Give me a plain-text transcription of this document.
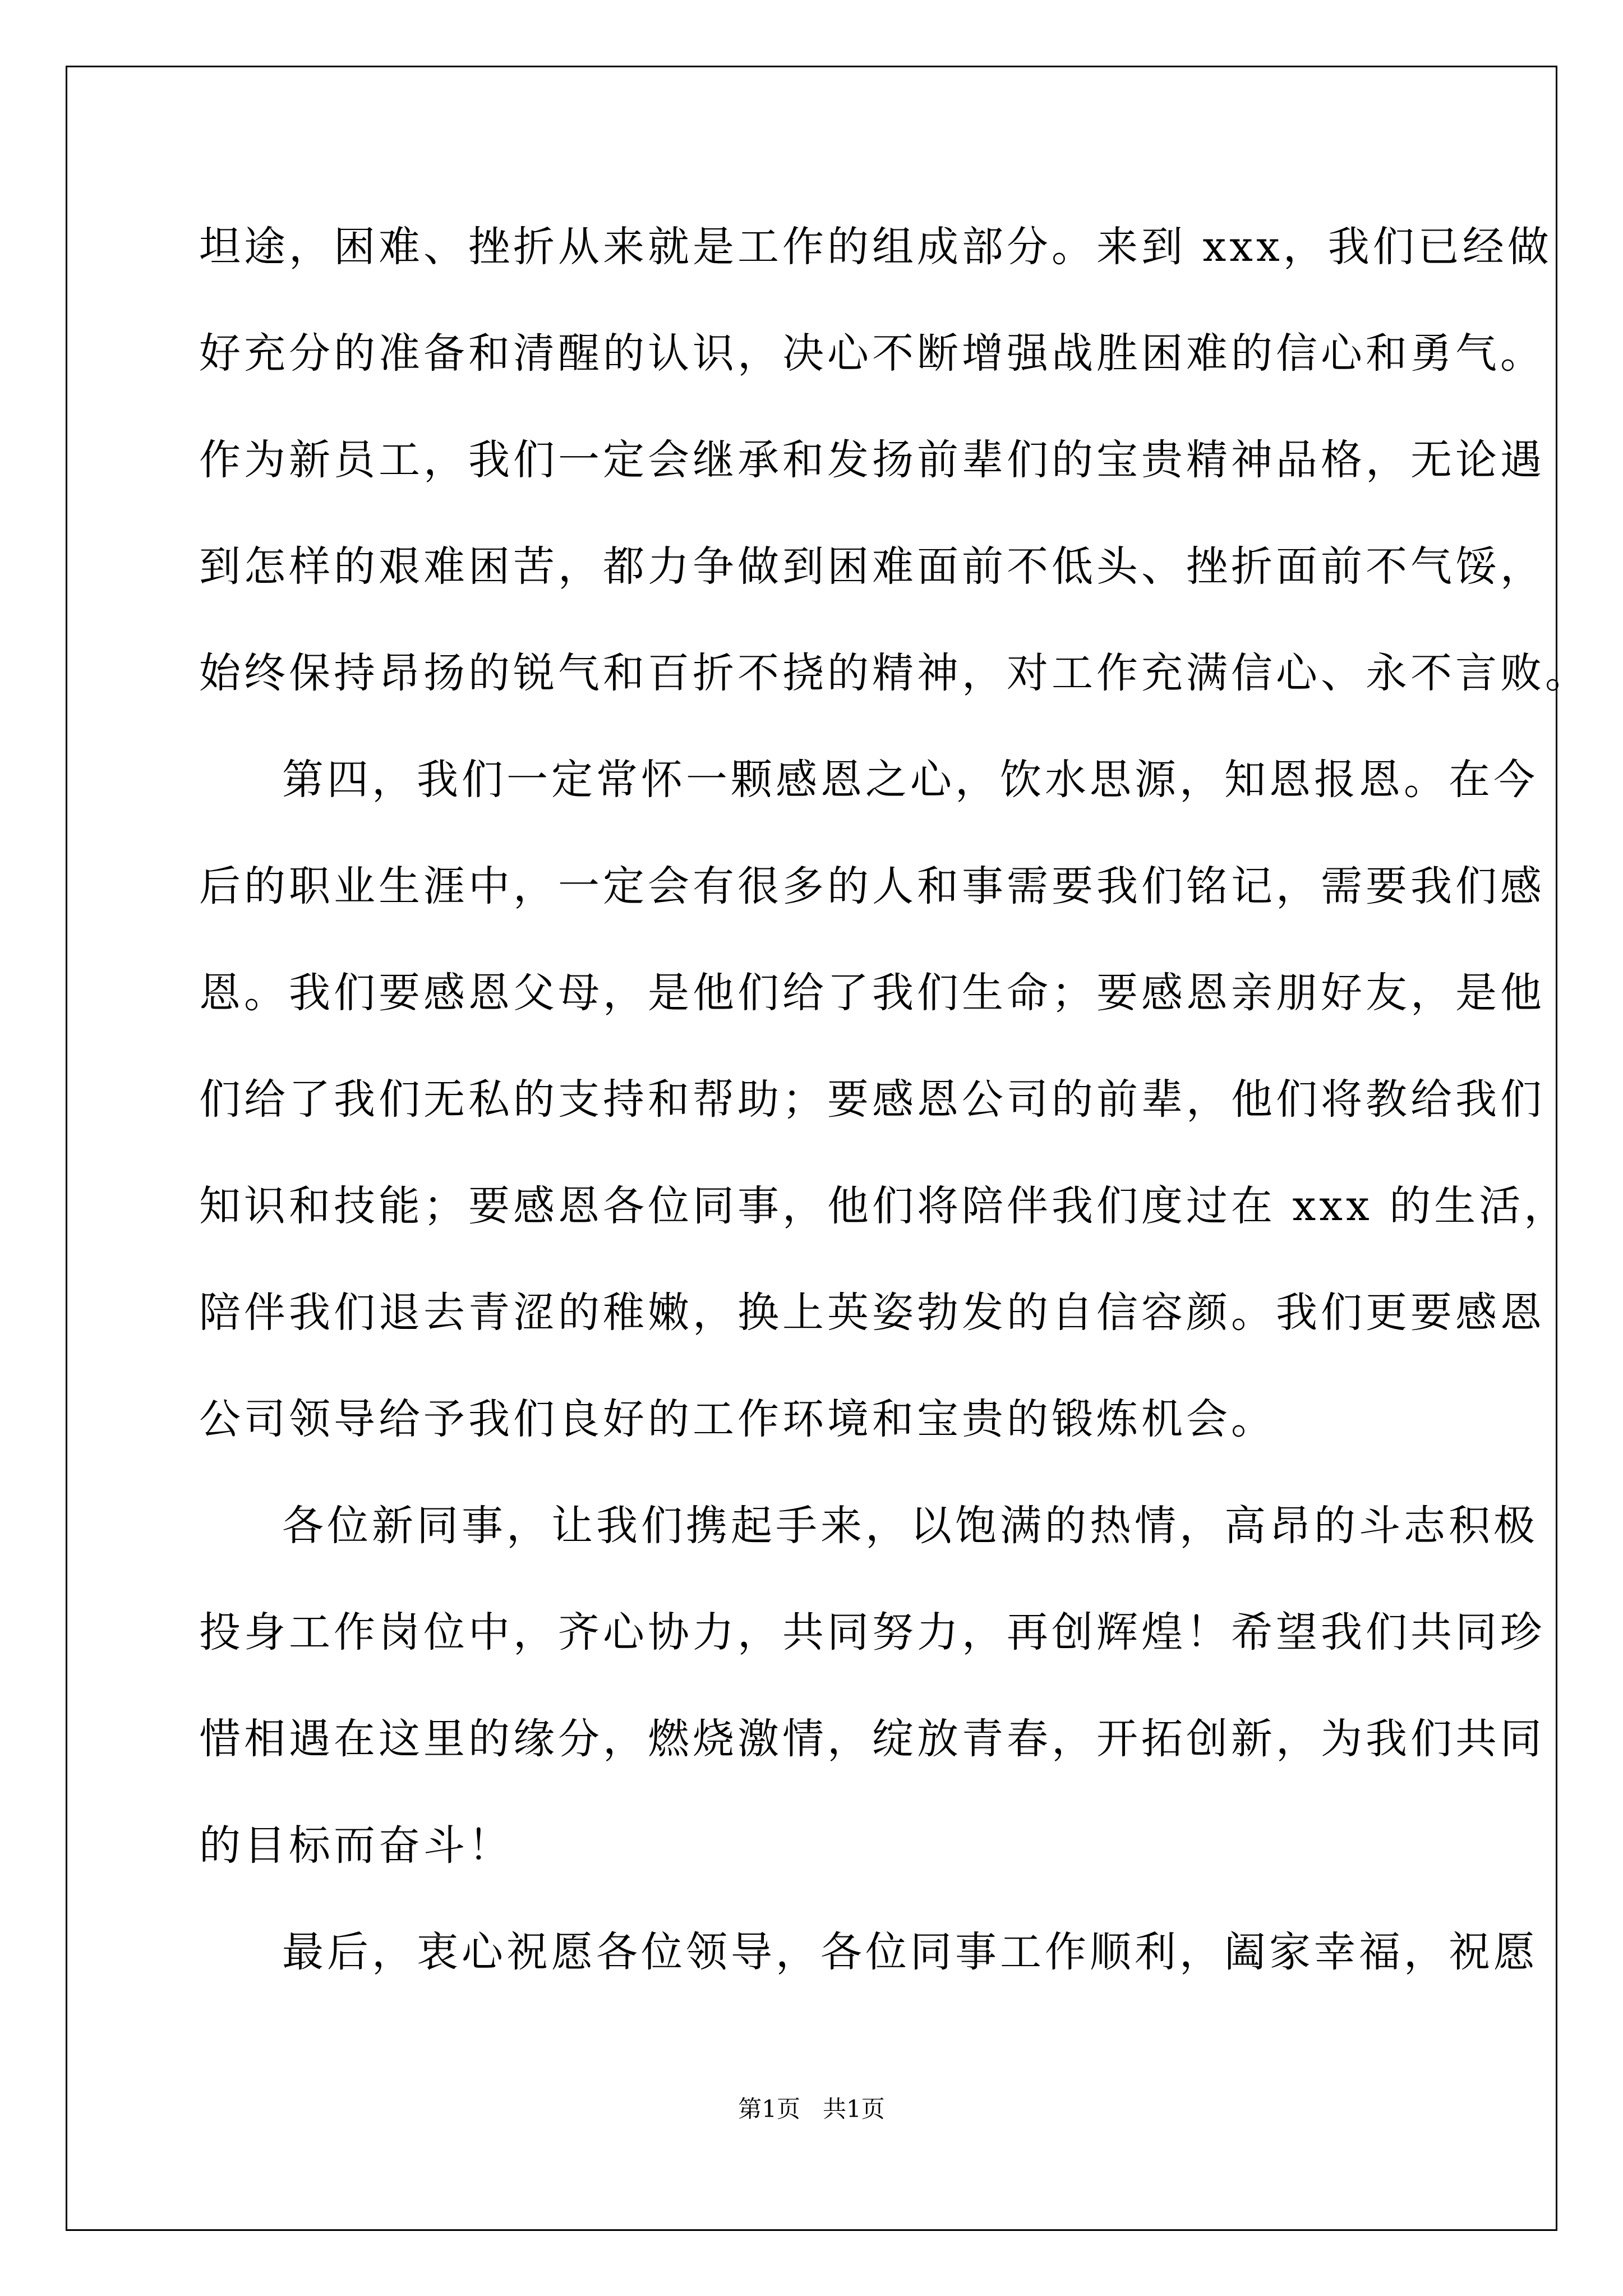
坦途，困难、挫折从来就是工作的组成部分。来到 xxx，我们已经做
好充分的准备和清醒的认识，决心不断增强战胜困难的信心和勇气。
作为新员工，我们一定会继承和发扬前辈们的宝贵精神品格，无论遇
到怎样的艰难困苦，都力争做到困难面前不低头、挫折面前不气馁，
始终保持昂扬的锐气和百折不挠的精神，对工作充满信心、永不言败。
第四，我们一定常怀一颗感恩之心，饮水思源，知恩报恩。在今
后的职业生涯中，一定会有很多的人和事需要我们铭记，需要我们感
恩。我们要感恩父母，是他们给了我们生命；要感恩亲朋好友，是他
们给了我们无私的支持和帮助；要感恩公司的前辈，他们将教给我们
知识和技能；要感恩各位同事，他们将陪伴我们度过在 xxx 的生活，
陪伴我们退去青涩的稚嫩，换上英姿勃发的自信容颜。我们更要感恩
公司领导给予我们良好的工作环境和宝贵的锻炼机会。
各位新同事，让我们携起手来，以饱满的热情，高昂的斗志积极
投身工作岗位中，齐心协力，共同努力，再创辉煌！希望我们共同珍
惜相遇在这里的缘分，燃烧激情，绽放青春，开拓创新，为我们共同
的目标而奋斗！
最后，衷心祝愿各位领导，各位同事工作顺利，阖家幸福，祝愿
第1页   共1页
